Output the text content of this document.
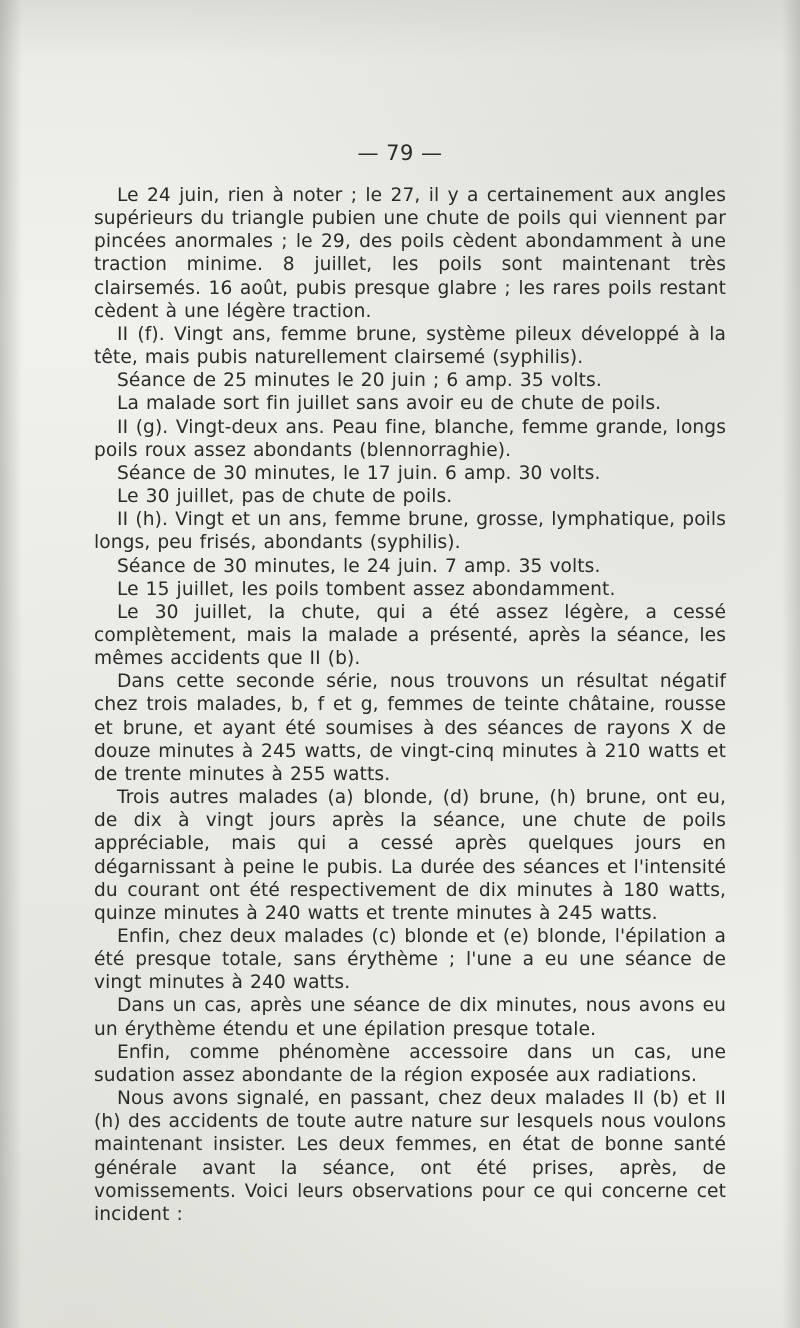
— 79 —

Le 24 juin, rien à noter ; le 27, il y a certainement aux angles supérieurs du triangle pubien une chute de poils qui viennent par pincées anormales ; le 29, des poils cèdent abondamment à une traction minime. 8 juillet, les poils sont maintenant très clairsemés. 16 août, pubis presque glabre ; les rares poils restant cèdent à une légère traction.

II (f). Vingt ans, femme brune, système pileux développé à la tête, mais pubis naturellement clairsemé (syphilis).

Séance de 25 minutes le 20 juin ; 6 amp. 35 volts.

La malade sort fin juillet sans avoir eu de chute de poils.

II (g). Vingt-deux ans. Peau fine, blanche, femme grande, longs poils roux assez abondants (blennorraghie).

Séance de 30 minutes, le 17 juin. 6 amp. 30 volts.

Le 30 juillet, pas de chute de poils.

II (h). Vingt et un ans, femme brune, grosse, lymphatique, poils longs, peu frisés, abondants (syphilis).

Séance de 30 minutes, le 24 juin. 7 amp. 35 volts.

Le 15 juillet, les poils tombent assez abondamment.

Le 30 juillet, la chute, qui a été assez légère, a cessé complètement, mais la malade a présenté, après la séance, les mêmes accidents que II (b).

Dans cette seconde série, nous trouvons un résultat négatif chez trois malades, b, f et g, femmes de teinte châtaine, rousse et brune, et ayant été soumises à des séances de rayons X de douze minutes à 245 watts, de vingt-cinq minutes à 210 watts et de trente minutes à 255 watts.

Trois autres malades (a) blonde, (d) brune, (h) brune, ont eu, de dix à vingt jours après la séance, une chute de poils appréciable, mais qui a cessé après quelques jours en dégarnissant à peine le pubis. La durée des séances et l'intensité du courant ont été respectivement de dix minutes à 180 watts, quinze minutes à 240 watts et trente minutes à 245 watts.

Enfin, chez deux malades (c) blonde et (e) blonde, l'épilation a été presque totale, sans érythème ; l'une a eu une séance de vingt minutes à 240 watts.

Dans un cas, après une séance de dix minutes, nous avons eu un érythème étendu et une épilation presque totale.

Enfin, comme phénomène accessoire dans un cas, une sudation assez abondante de la région exposée aux radiations.

Nous avons signalé, en passant, chez deux malades II (b) et II (h) des accidents de toute autre nature sur lesquels nous voulons maintenant insister. Les deux femmes, en état de bonne santé générale avant la séance, ont été prises, après, de vomissements. Voici leurs observations pour ce qui concerne cet incident :
